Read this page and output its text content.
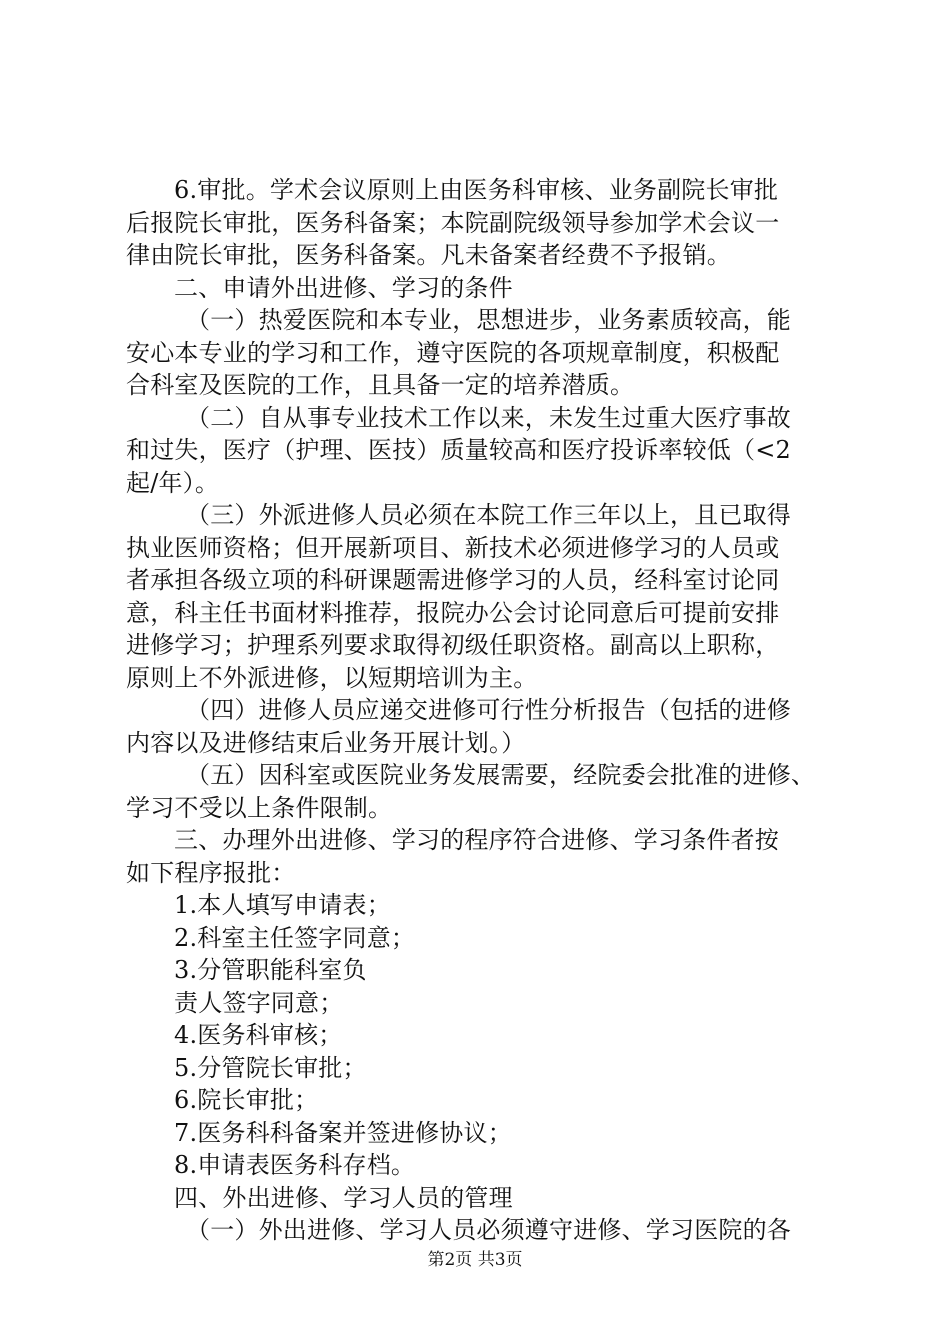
6.审批。学术会议原则上由医务科审核、业务副院长审批
后报院长审批，医务科备案；本院副院级领导参加学术会议一
律由院长审批，医务科备案。凡未备案者经费不予报销。
二、申请外出进修、学习的条件
（一）热爱医院和本专业，思想进步，业务素质较高，能
安心本专业的学习和工作，遵守医院的各项规章制度，积极配
合科室及医院的工作，且具备一定的培养潜质。
（二）自从事专业技术工作以来，未发生过重大医疗事故
和过失，医疗（护理、医技）质量较高和医疗投诉率较低（<2
起/年）。
（三）外派进修人员必须在本院工作三年以上，且已取得
执业医师资格；但开展新项目、新技术必须进修学习的人员或
者承担各级立项的科研课题需进修学习的人员，经科室讨论同
意，科主任书面材料推荐，报院办公会讨论同意后可提前安排
进修学习；护理系列要求取得初级任职资格。副高以上职称，
原则上不外派进修，以短期培训为主。
（四）进修人员应递交进修可行性分析报告（包括的进修
内容以及进修结束后业务开展计划。）
（五）因科室或医院业务发展需要，经院委会批准的进修、
学习不受以上条件限制。
三、办理外出进修、学习的程序符合进修、学习条件者按
如下程序报批：
1.本人填写申请表；
2.科室主任签字同意；
3.分管职能科室负
责人签字同意；
4.医务科审核；
5.分管院长审批；
6.院长审批；
7.医务科科备案并签进修协议；
8.申请表医务科存档。
四、外出进修、学习人员的管理
（一）外出进修、学习人员必须遵守进修、学习医院的各
第2页 共3页
